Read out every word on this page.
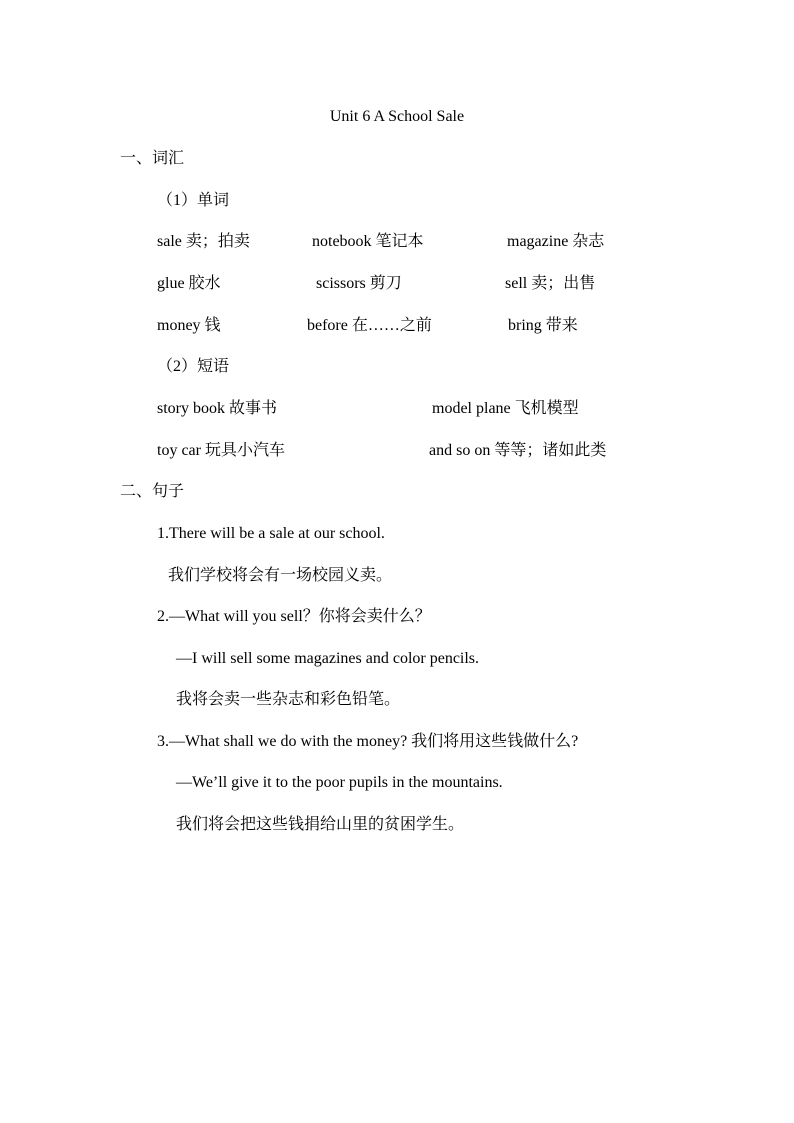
Unit 6 A School Sale
一、词汇
（1）单词
sale 卖；拍卖	notebook 笔记本	magazine 杂志
glue 胶水	scissors 剪刀	sell 卖；出售
money 钱	before 在……之前	bring 带来
（2）短语
story book 故事书	model plane 飞机模型
toy car 玩具小汽车	and so on 等等；诸如此类
二、句子
1.There will be a sale at our school.
我们学校将会有一场校园义卖。
2.—What will you sell？你将会卖什么？
—I will sell some magazines and color pencils.
我将会卖一些杂志和彩色铅笔。
3.—What shall we do with the money? 我们将用这些钱做什么?
—We’ll give it to the poor pupils in the mountains.
我们将会把这些钱捐给山里的贫困学生。
